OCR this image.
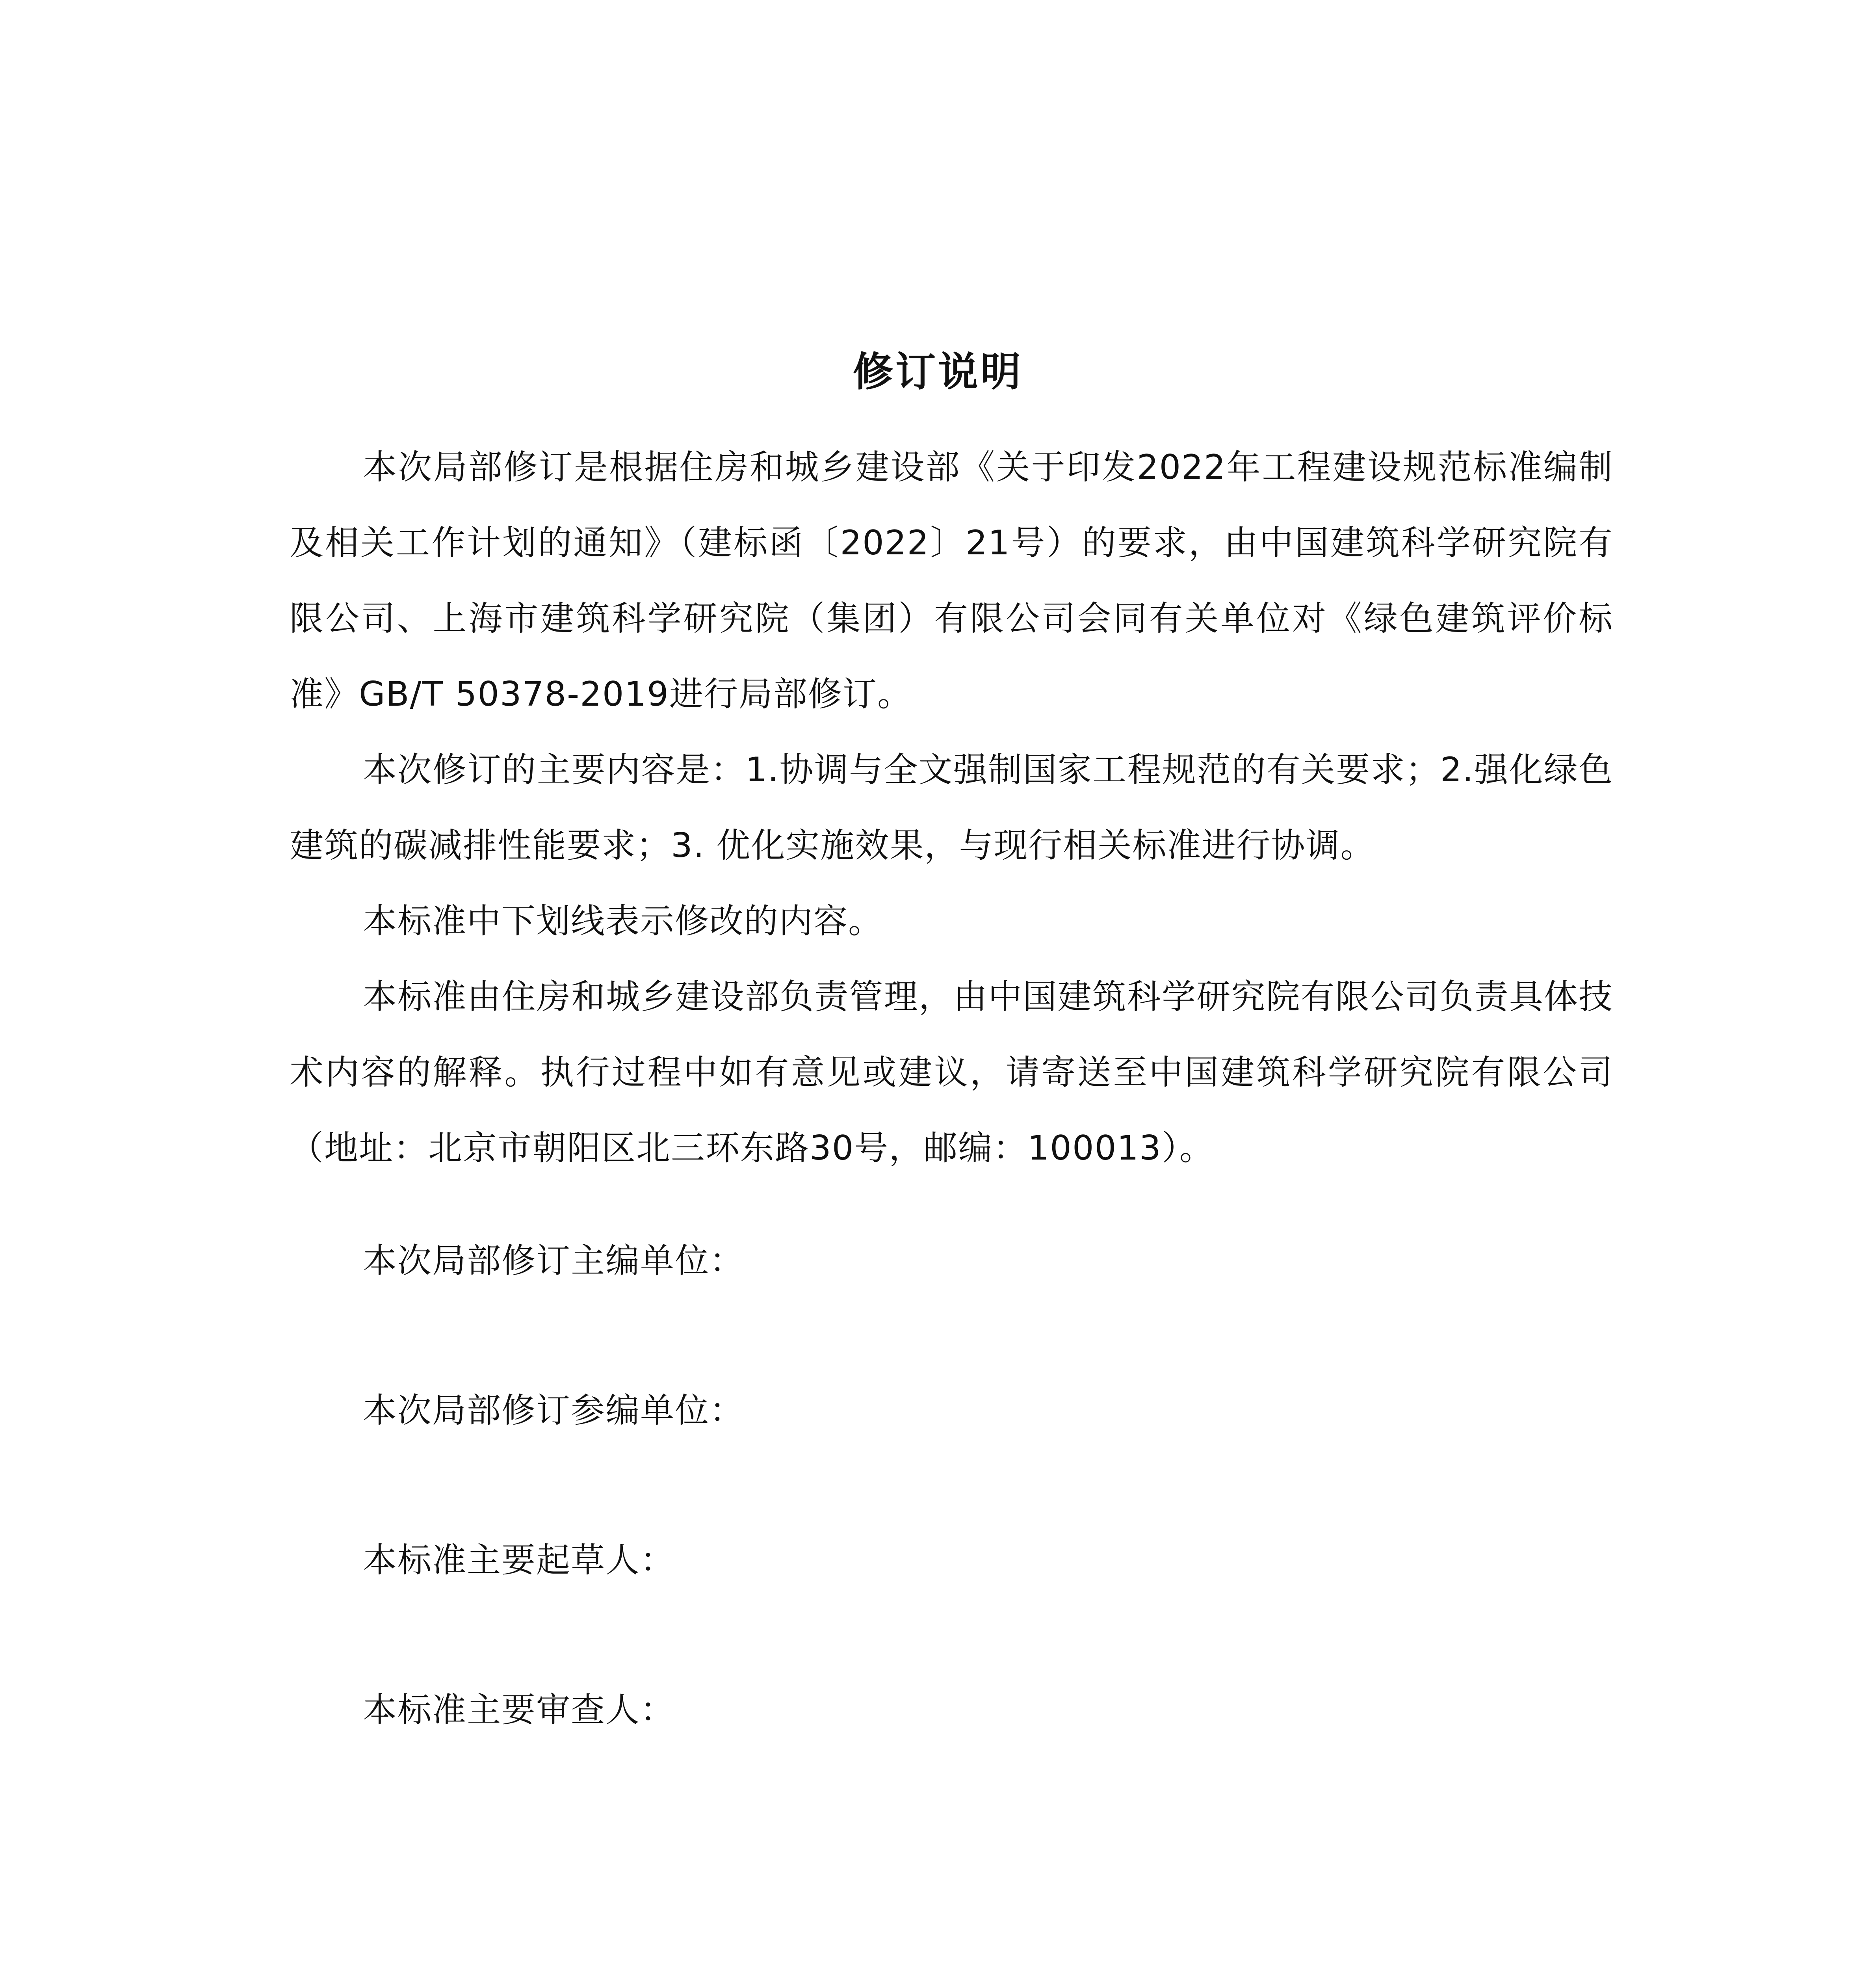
修订说明

本次局部修订是根据住房和城乡建设部《关于印发2022年工程建设规范标准编制及相关工作计划的通知》（建标函〔2022〕21号）的要求，由中国建筑科学研究院有限公司、上海市建筑科学研究院（集团）有限公司会同有关单位对《绿色建筑评价标准》GB/T 50378-2019进行局部修订。

本次修订的主要内容是：1.协调与全文强制国家工程规范的有关要求；2.强化绿色建筑的碳减排性能要求；3. 优化实施效果，与现行相关标准进行协调。

本标准中下划线表示修改的内容。

本标准由住房和城乡建设部负责管理，由中国建筑科学研究院有限公司负责具体技术内容的解释。执行过程中如有意见或建议，请寄送至中国建筑科学研究院有限公司（地址：北京市朝阳区北三环东路30号，邮编：100013）。

本次局部修订主编单位：

本次局部修订参编单位：

本标准主要起草人：

本标准主要审查人：
